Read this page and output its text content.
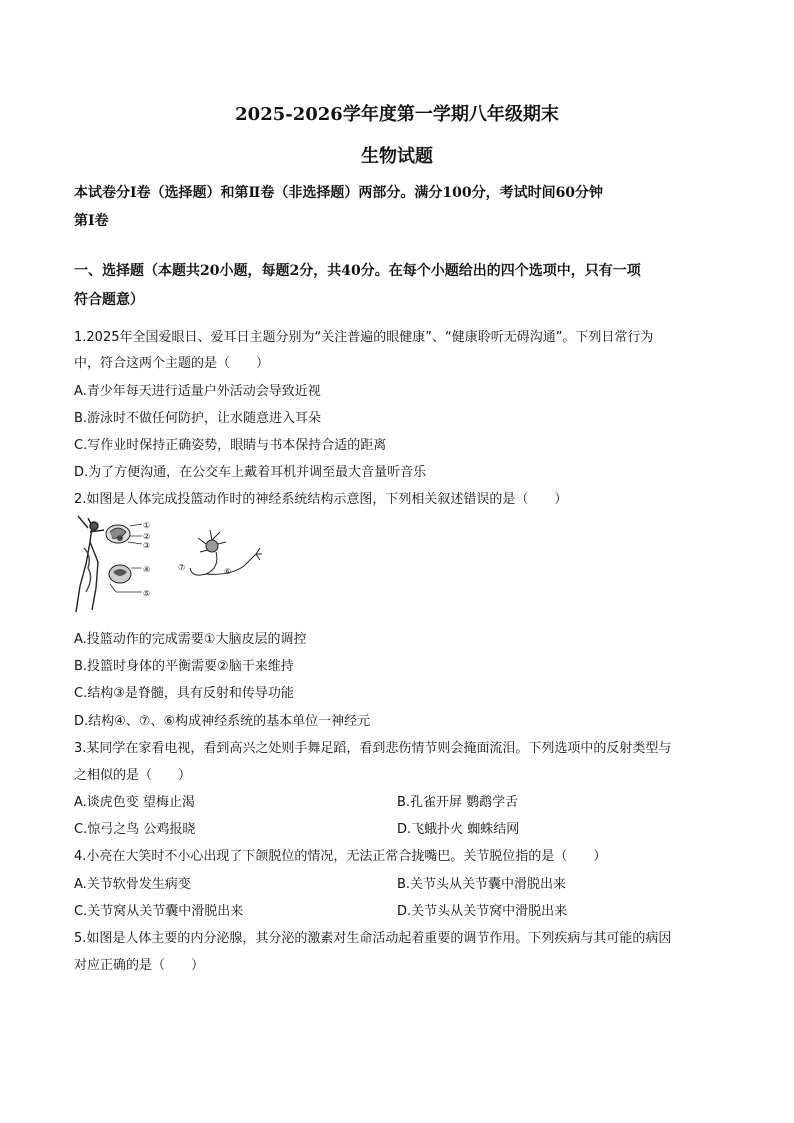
2025-2026学年度第一学期八年级期末
生物试题
本试卷分Ⅰ卷（选择题）和第Ⅱ卷（非选择题）两部分。满分100分，考试时间60分钟
第Ⅰ卷
一、选择题（本题共20小题，每题2分，共40分。在每个小题给出的四个选项中，只有一项
符合题意）
1.2025年全国爱眼日、爱耳日主题分别为“关注普遍的眼健康”、“健康聆听无碍沟通”。下列日常行为
中，符合这两个主题的是（　　）
A.青少年每天进行适量户外活动会导致近视
B.游泳时不做任何防护，让水随意进入耳朵
C.写作业时保持正确姿势，眼睛与书本保持合适的距离
D.为了方便沟通，在公交车上戴着耳机并调至最大音量听音乐
2.如图是人体完成投篮动作时的神经系统结构示意图，下列相关叙述错误的是（　　）
①
②
③
④
⑤
⑦	⑥
A.投篮动作的完成需要①大脑皮层的调控
B.投篮时身体的平衡需要②脑干来维持
C.结构③是脊髓，具有反射和传导功能
D.结构④、⑦、⑥构成神经系统的基本单位一神经元
3.某同学在家看电视，看到高兴之处则手舞足蹈，看到悲伤情节则会掩面流泪。下列选项中的反射类型与
之相似的是（　　）
A.谈虎色变 望梅止渴	B.孔雀开屏 鹦鹉学舌
C.惊弓之鸟 公鸡报晓	D.飞蛾扑火 蜘蛛结网
4.小亮在大笑时不小心出现了下颌脱位的情况，无法正常合拢嘴巴。关节脱位指的是（　　）
A.关节软骨发生病变	B.关节头从关节囊中滑脱出来
C.关节窝从关节囊中滑脱出来	D.关节头从关节窝中滑脱出来
5.如图是人体主要的内分泌腺，其分泌的激素对生命活动起着重要的调节作用。下列疾病与其可能的病因
对应正确的是（　　）
